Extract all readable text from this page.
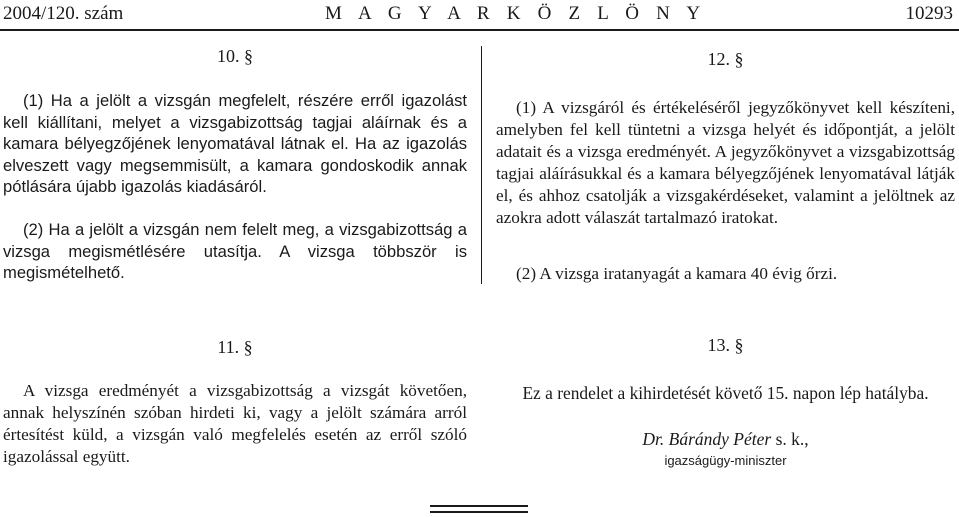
2004/120. szám	M A G Y A R K Ö Z L Ö N Y	10293
10. §
(1) Ha a jelölt a vizsgán megfelelt, részére erről igazolást kell kiállítani, melyet a vizsgabizottság tagjai aláírnak és a kamara bélyegzőjének lenyomatával látnak el. Ha az igazolás elveszett vagy megsemmisült, a kamara gondoskodik annak pótlására újabb igazolás kiadásáról.
(2) Ha a jelölt a vizsgán nem felelt meg, a vizsgabizottság a vizsga megismétlésére utasítja. A vizsga többször is megismételhető.
11. §
A vizsga eredményét a vizsgabizottság a vizsgát követően, annak helyszínén szóban hirdeti ki, vagy a jelölt számára arról értesítést küld, a vizsgán való megfelelés esetén az erről szóló igazolással együtt.
12. §
(1) A vizsgáról és értékeléséről jegyzőkönyvet kell készíteni, amelyben fel kell tüntetni a vizsga helyét és időpontját, a jelölt adatait és a vizsga eredményét. A jegyzőkönyvet a vizsgabizottság tagjai aláírásukkal és a kamara bélyegzőjének lenyomatával látják el, és ahhoz csatolják a vizsgakérdéseket, valamint a jelöltnek az azokra adott válaszát tartalmazó iratokat.
(2) A vizsga iratanyagát a kamara 40 évig őrzi.
13. §
Ez a rendelet a kihirdetését követő 15. napon lép hatályba.
Dr. Bárándy Péter s. k.,
igazságügy-miniszter
